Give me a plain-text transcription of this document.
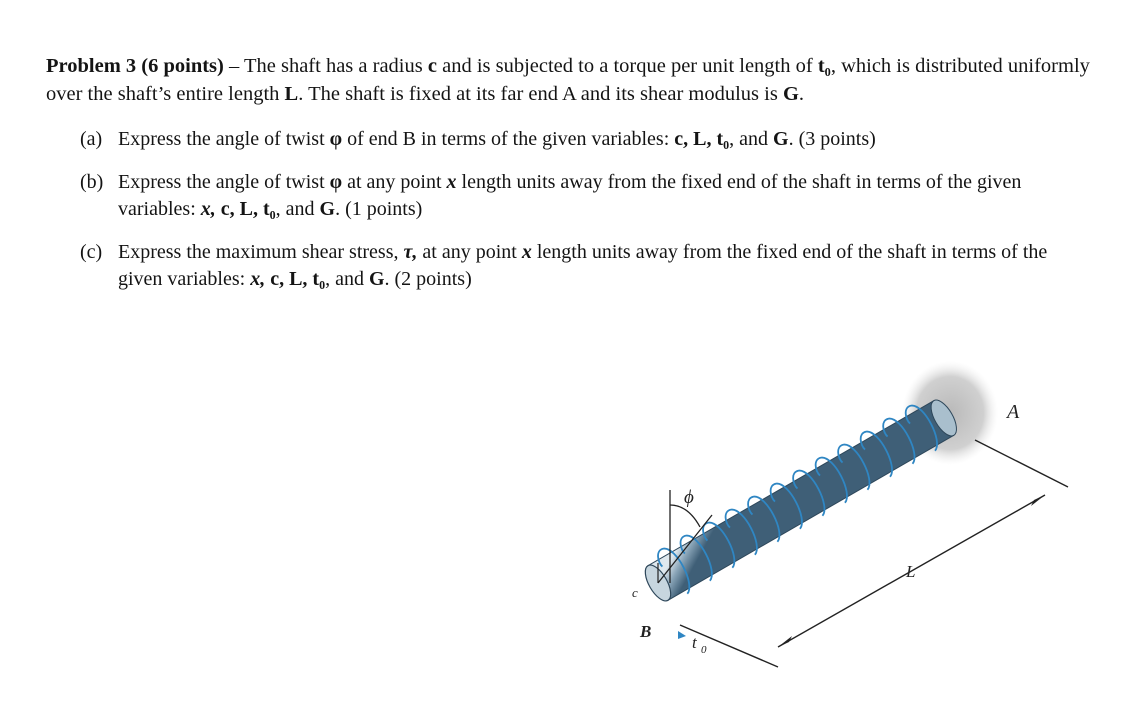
Problem 3 (6 points) – The shaft has a radius c and is subjected to a torque per unit length of t₀, which is distributed uniformly over the shaft’s entire length L. The shaft is fixed at its far end A and its shear modulus is G.

(a) Express the angle of twist φ of end B in terms of the given variables: c, L, t₀, and G. (3 points)
(b) Express the angle of twist φ at any point x length units away from the fixed end of the shaft in terms of the given variables: x, c, L, t₀, and G. (1 points)
(c) Express the maximum shear stress, τ, at any point x length units away from the fixed end of the shaft in terms of the given variables: x, c, L, t₀, and G. (2 points)
A
B
c
L
ϕ
t 0
